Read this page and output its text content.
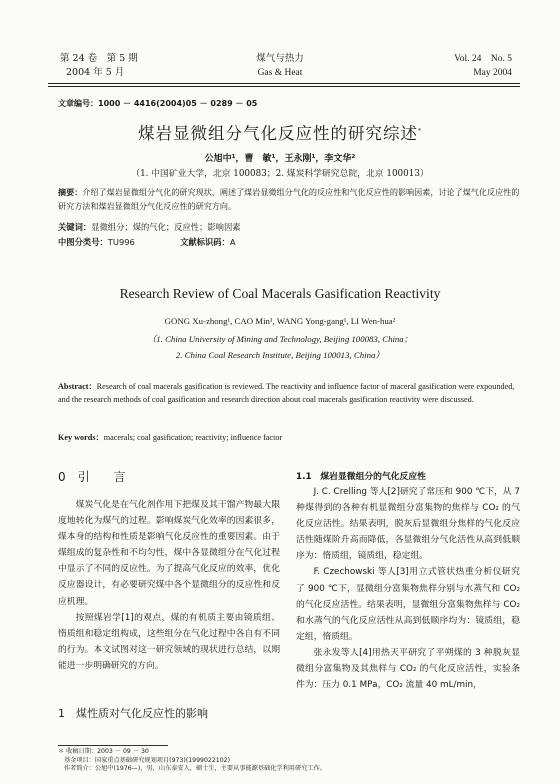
第 24 卷　第 5 期
2004 年 5 月
煤气与热力
Gas & Heat
Vol. 24　No. 5
May 2004
文章编号：1000 － 4416(2004)05 － 0289 － 05
煤岩显微组分气化反应性的研究综述*
公旭中¹，曹　敏¹，王永刚¹，李文华²
（1. 中国矿业大学，北京 100083；2. 煤炭科学研究总院，北京 100013）
摘要：介绍了煤岩显微组分气化的研究现状，阐述了煤岩显微组分气化的反应性和气化反应性的影响因素，讨论了煤气化反应性的研究方法和煤岩显微组分气化反应性的研究方向。
关键词：显微组分；煤的气化；反应性；影响因素
中图分类号：TU996	文献标识码：A
Research Review of Coal Macerals Gasification Reactivity
GONG Xu-zhong¹, CAO Min¹, WANG Yong-gang¹, LI Wen-hua²
（1. China University of Mining and Technology, Beijing 100083, China；
2. China Coal Research Institute, Beijing 100013, China）
Abstract：Research of coal macerals gasification is reviewed. The reactivity and influence factor of maceral gasification were expounded, and the research methods of coal gasification and research direction about coal macerals gasification reactivity were discussed.
Key words：macerals; coal gasification; reactivity; influence factor
0　引　　言

煤炭气化是在气化剂作用下把煤及其干馏产物最大限度地转化为煤气的过程。影响煤炭气化效率的因素很多，煤本身的结构和性质是影响气化反应性的重要因素。由于煤组成的复杂性和不均匀性，煤中各显微组分在气化过程中显示了不同的反应性。为了提高气化反应的效率，优化反应器设计，有必要研究煤中各个显微组分的反应性和反应机理。

按照煤岩学[1]的观点，煤的有机质主要由镜质组、惰质组和稳定组构成，这些组分在气化过程中各自有不同的行为。本文试图对这一研究领域的现状进行总结，以期能进一步明确研究的方向。

1　煤性质对气化反应性的影响
1.1　煤岩显微组分的气化反应性

J. C. Crelling 等人[2]研究了常压和 900 ℃下，从 7 种煤得到的各种有机显微组分富集物的焦样与 CO₂ 的气化反应活性。结果表明，脱灰后显微组分焦样的气化反应活性随煤阶升高而降低，各显微组分气化活性从高到低顺序为：惰质组，镜质组，稳定组。

F. Czechowski 等人[3]用立式管状热重分析仪研究了 900 ℃下，显微组分富集物焦样分别与水蒸气和 CO₂ 的气化反应活性。结果表明，显微组分富集物焦样与 CO₂ 和水蒸气的气化反应活性从高到低顺序均为：镜质组，稳定组，惰质组。

张永发等人[4]用热天平研究了平朔煤的 3 种脱灰显微组分富集物及其焦样与 CO₂ 的气化反应活性，实验条件为：压力 0.1 MPa，CO₂ 流量 40 mL/min，

＊ 收稿日期：2003 － 09 － 30
基金项目：国家重点基础研究规划项目(973)(1999022102)
作者简介：公旭中(1976—)，男，山东泰安人，硕士生，主要从事能源基础化学利用研究工作。
